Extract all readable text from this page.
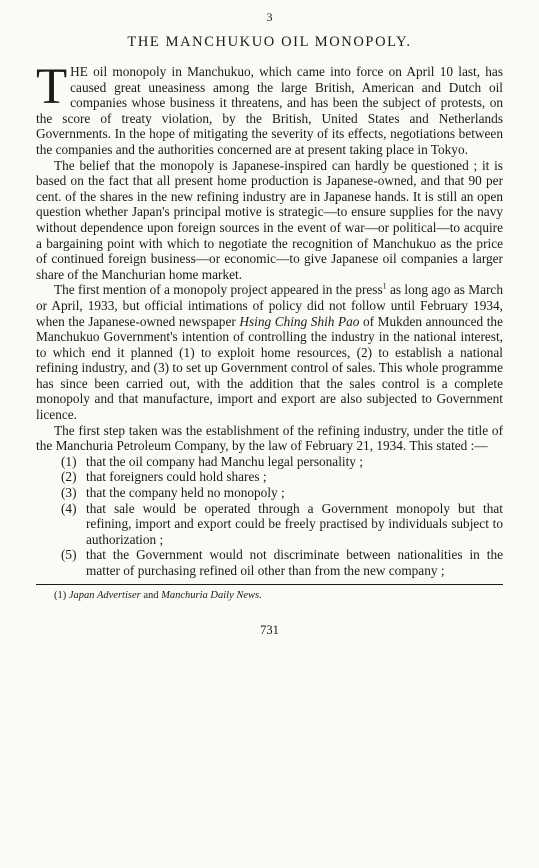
3
THE MANCHUKUO OIL MONOPOLY.

THE oil monopoly in Manchukuo, which came into force on April 10 last, has caused great uneasiness among the large British, American and Dutch oil companies whose business it threatens, and has been the subject of protests, on the score of treaty violation, by the British, United States and Netherlands Governments. In the hope of mitigating the severity of its effects, negotiations between the companies and the authorities concerned are at present taking place in Tokyo.

The belief that the monopoly is Japanese-inspired can hardly be questioned ; it is based on the fact that all present home production is Japanese-owned, and that 90 per cent. of the shares in the new refining industry are in Japanese hands. It is still an open question whether Japan's principal motive is strategic—to ensure supplies for the navy without dependence upon foreign sources in the event of war—or political—to acquire a bargaining point with which to negotiate the recognition of Manchukuo as the price of continued foreign business—or economic—to give Japanese oil companies a larger share of the Manchurian home market.

The first mention of a monopoly project appeared in the press$^1$ as long ago as March or April, 1933, but official intimations of policy did not follow until February 1934, when the Japanese-owned newspaper Hsing Ching Shih Pao of Mukden announced the Manchukuo Government's intention of controlling the industry in the national interest, to which end it planned (1) to exploit home resources, (2) to establish a national refining industry, and (3) to set up Government control of sales. This whole programme has since been carried out, with the addition that the sales control is a complete monopoly and that manufacture, import and export are also subjected to Government licence.

The first step taken was the establishment of the refining industry, under the title of the Manchuria Petroleum Company, by the law of February 21, 1934. This stated :—

(1) that the oil company had Manchu legal personality ;
(2) that foreigners could hold shares ;
(3) that the company held no monopoly ;
(4) that sale would be operated through a Government monopoly but that refining, import and export could be freely practised by individuals subject to authorization ;
(5) that the Government would not discriminate between nationalities in the matter of purchasing refined oil other than from the new company ;
(1) Japan Advertiser and Manchuria Daily News.
731
